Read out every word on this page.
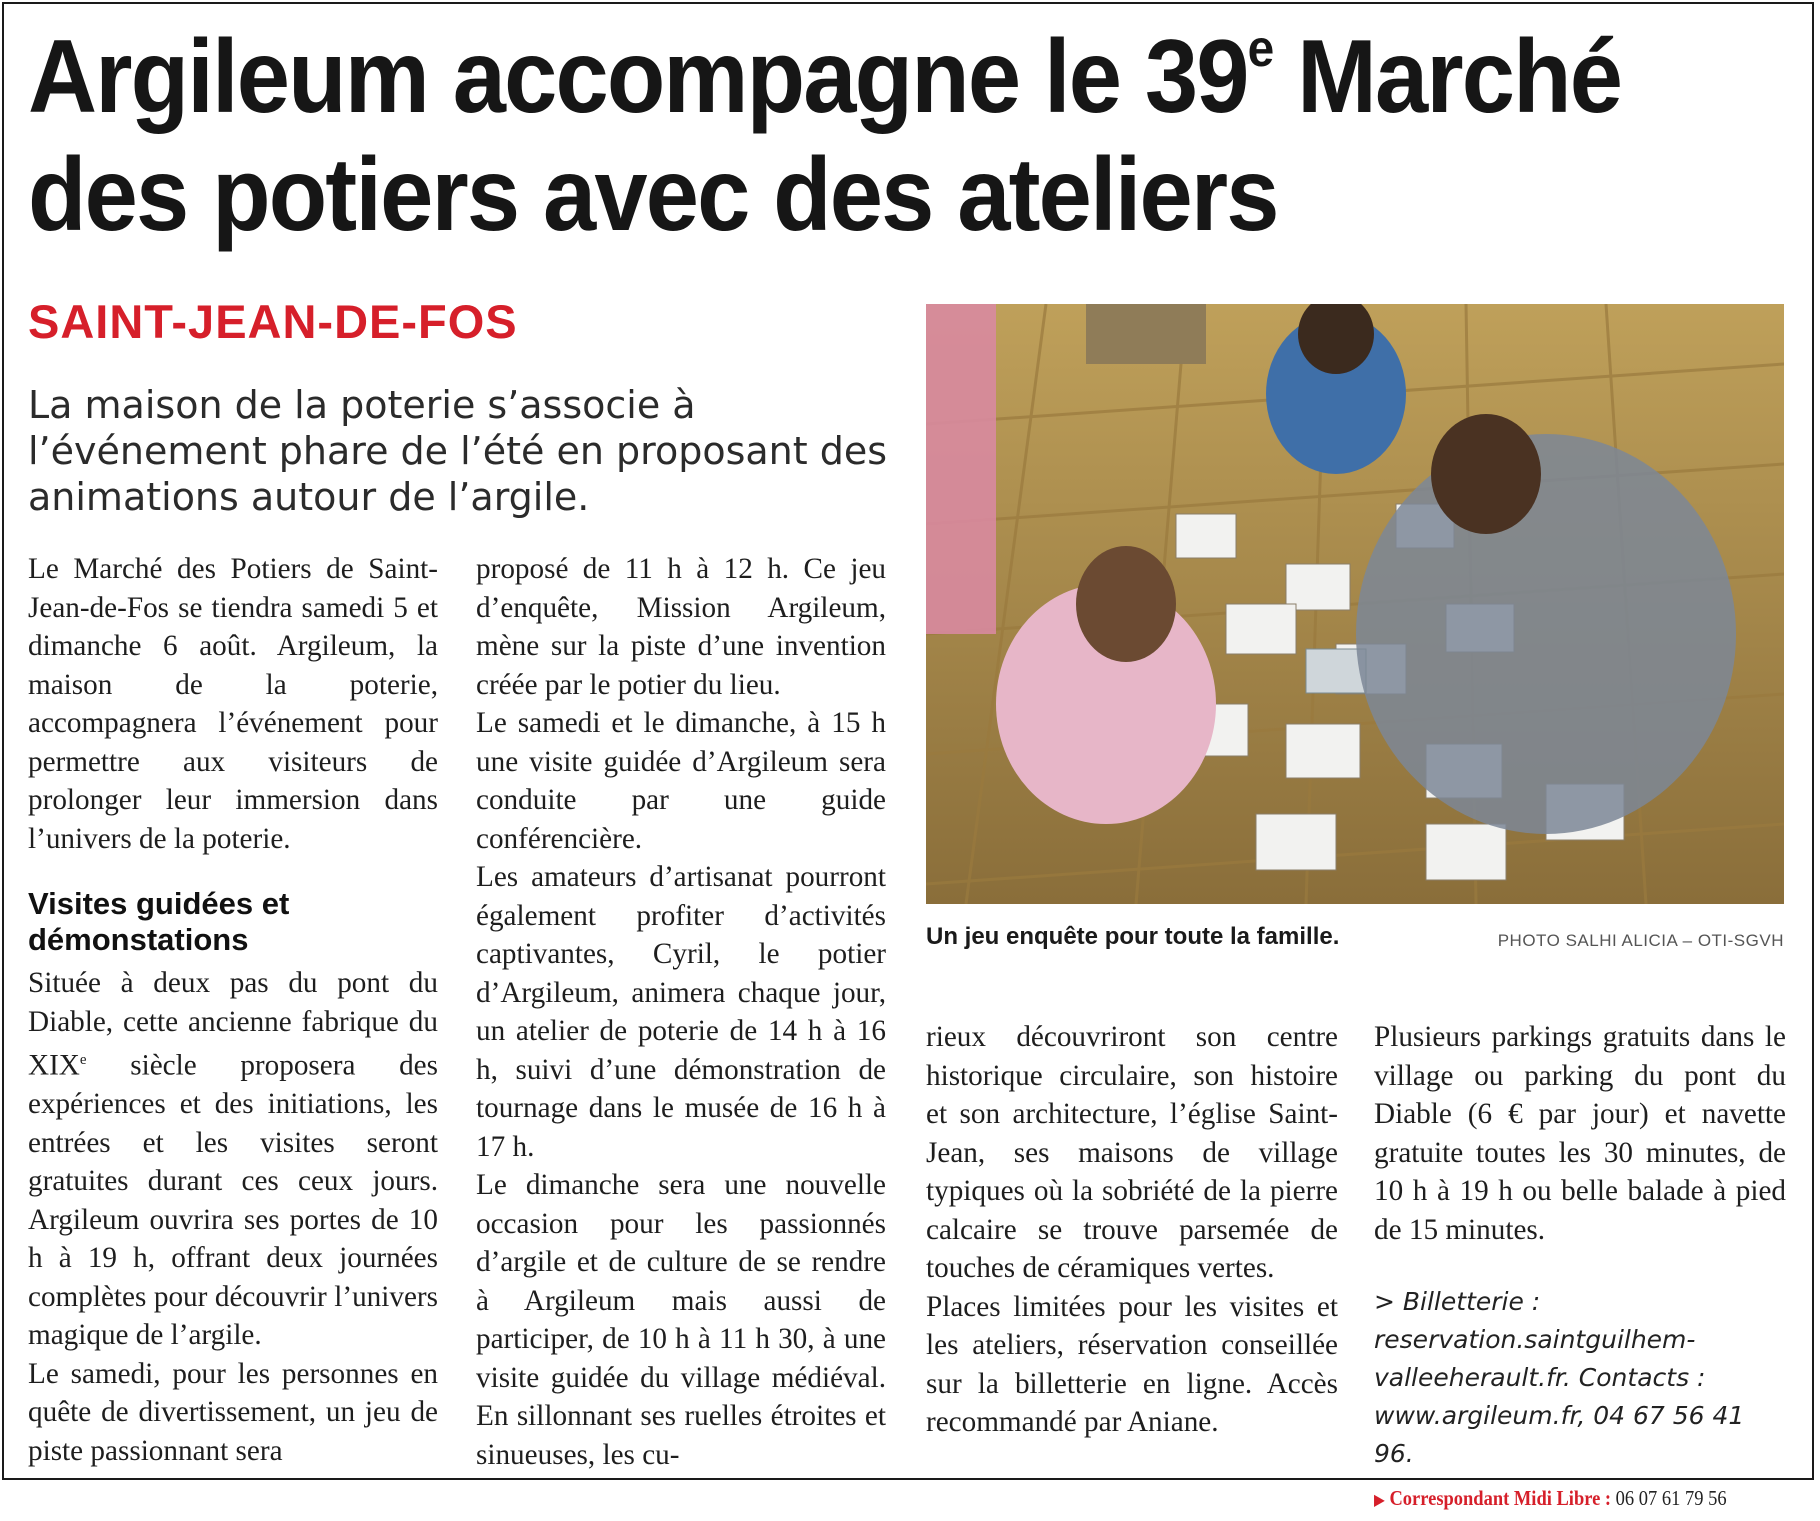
Argileum accompagne le 39e Marché
des potiers avec des ateliers
SAINT-JEAN-DE-FOS
La maison de la poterie s’associe à l’événement phare de l’été en proposant des animations autour de l’argile.

Le Marché des Potiers de Saint-Jean-de-Fos se tiendra samedi 5 et dimanche 6 août. Argileum, la maison de la poterie, accompagnera l’événement pour permettre aux visiteurs de prolonger leur immersion dans l’univers de la poterie.

Visites guidées et démonstations

Située à deux pas du pont du Diable, cette ancienne fabrique du XIXe siècle proposera des expériences et des initiations, les entrées et les visites seront gratuites durant ces ceux jours. Argileum ouvrira ses portes de 10 h à 19 h, offrant deux journées complètes pour découvrir l’univers magique de l’argile.

Le samedi, pour les personnes en quête de divertissement, un jeu de piste passionnant sera

proposé de 11 h à 12 h. Ce jeu d’enquête, Mission Argileum, mène sur la piste d’une invention créée par le potier du lieu.

Le samedi et le dimanche, à 15 h une visite guidée d’Argileum sera conduite par une guide conférencière.

Les amateurs d’artisanat pourront également profiter d’activités captivantes, Cyril, le potier d’Argileum, animera chaque jour, un atelier de poterie de 14 h à 16 h, suivi d’une démonstration de tournage dans le musée de 16 h à 17 h.

Le dimanche sera une nouvelle occasion pour les passionnés d’argile et de culture de se rendre à Argileum mais aussi de participer, de 10 h à 11 h 30, à une visite guidée du village médiéval. En sillonnant ses ruelles étroites et sinueuses, les cu-

Un jeu enquête pour toute la famille.	PHOTO SALHI ALICIA – OTI-SGVH

rieux découvriront son centre historique circulaire, son histoire et son architecture, l’église Saint-Jean, ses maisons de village typiques où la sobriété de la pierre calcaire se trouve parsemée de touches de céramiques vertes.

Places limitées pour les visites et les ateliers, réservation conseillée sur la billetterie en ligne. Accès recommandé par Aniane.

Plusieurs parkings gratuits dans le village ou parking du pont du Diable (6 € par jour) et navette gratuite toutes les 30 minutes, de 10 h à 19 h ou belle balade à pied de 15 minutes.

> Billetterie : reservation.saintguilhem-valleeherault.fr. Contacts : www.argileum.fr, 04 67 56 41 96.
▶ Correspondant Midi Libre : 06 07 61 79 56
